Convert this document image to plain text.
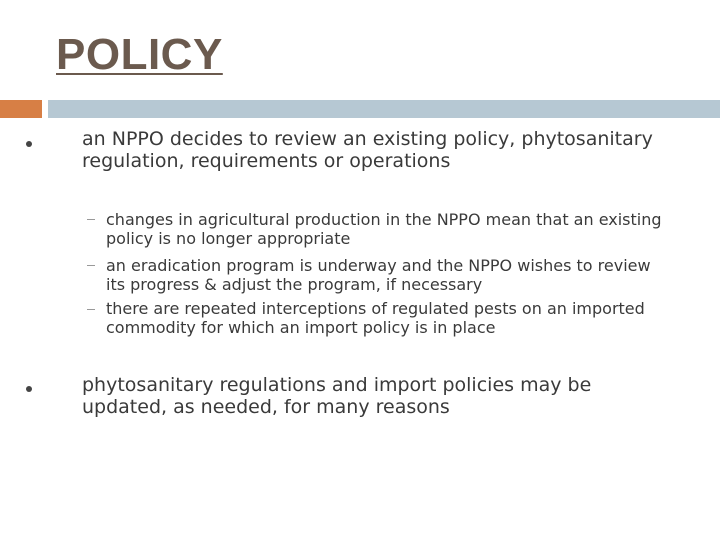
POLICY
an NPPO decides to review an existing policy, phytosanitary regulation, requirements or operations
changes in agricultural production in the NPPO mean that an existing policy is no longer appropriate
an eradication program is underway and the NPPO wishes to review its progress & adjust the program, if necessary
there are repeated interceptions of regulated pests on an imported commodity for which an import policy is in place
phytosanitary regulations and import policies may be updated, as needed, for many reasons
